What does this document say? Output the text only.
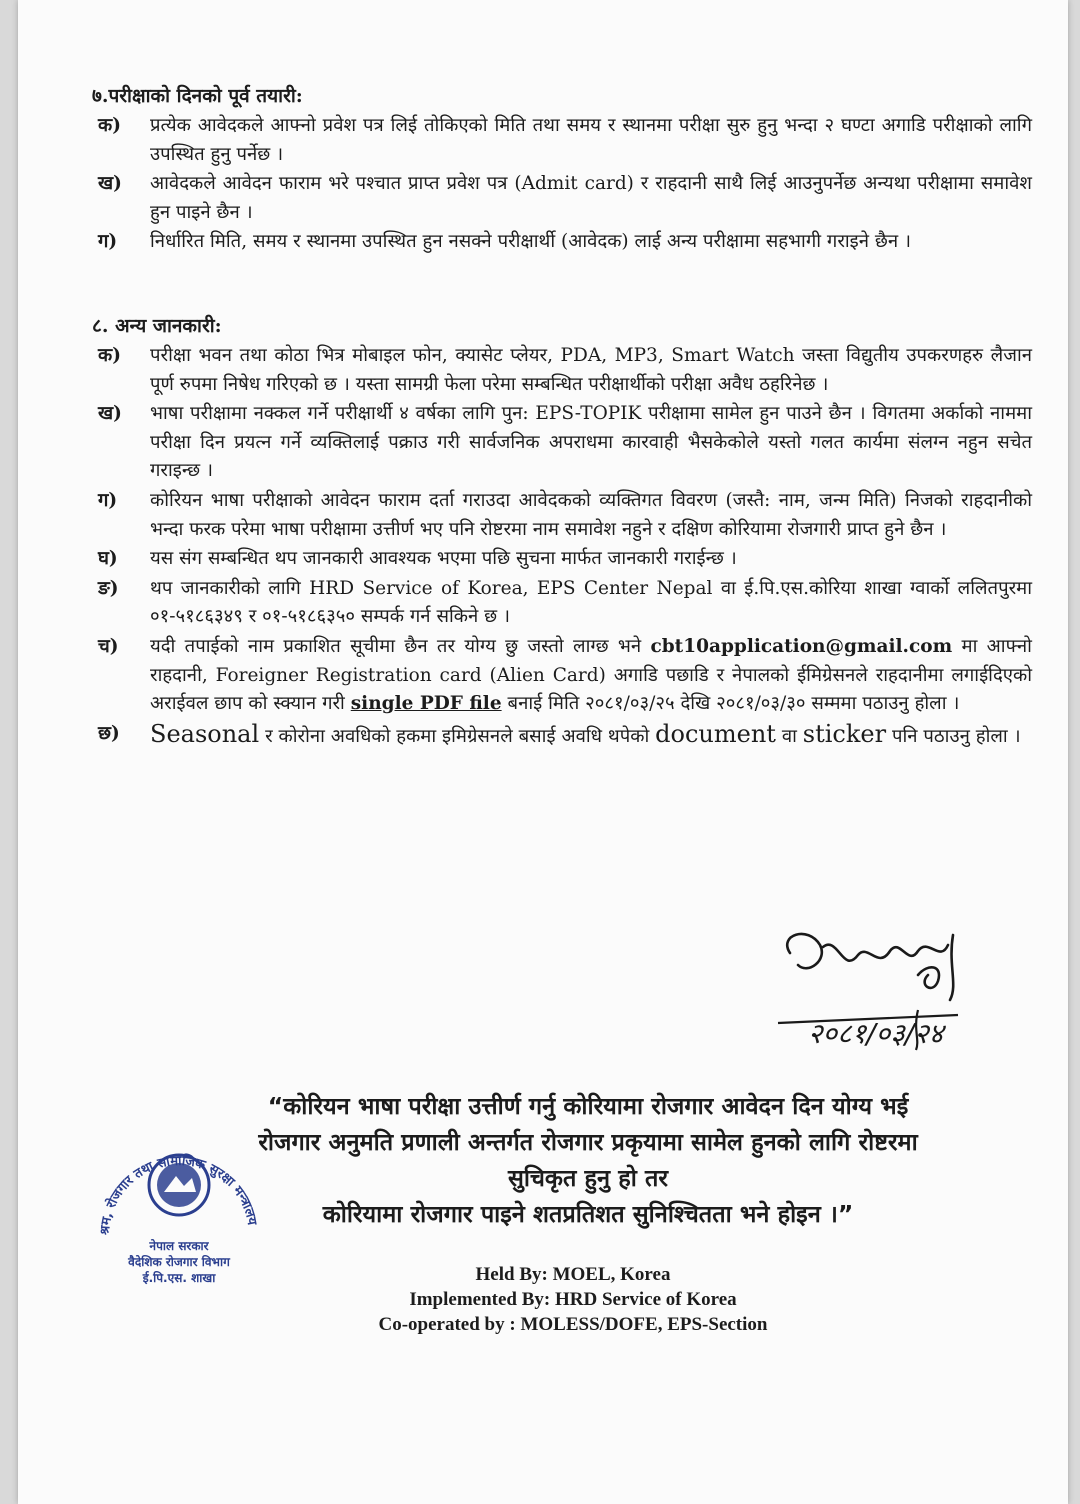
७.परीक्षाको दिनको पूर्व तयारी:
क)	प्रत्येक आवेदकले आफ्नो प्रवेश पत्र लिई तोकिएको मिति तथा समय र स्थानमा परीक्षा सुरु हुनु भन्दा २ घण्टा अगाडि परीक्षाको लागि उपस्थित हुनु पर्नेछ ।
ख)	आवेदकले आवेदन फाराम भरे पश्चात प्राप्त प्रवेश पत्र (Admit card) र राहदानी साथै लिई आउनुपर्नेछ अन्यथा परीक्षामा समावेश हुन पाइने छैन ।
ग)	निर्धारित मिति, समय र स्थानमा उपस्थित हुन नसक्ने परीक्षार्थी (आवेदक) लाई अन्य परीक्षामा सहभागी गराइने छैन ।
८. अन्य जानकारी:
क)	परीक्षा भवन तथा कोठा भित्र मोबाइल फोन, क्यासेट प्लेयर, PDA, MP3, Smart Watch जस्ता विद्युतीय उपकरणहरु लैजान पूर्ण रुपमा निषेध गरिएको छ । यस्ता सामग्री फेला परेमा सम्बन्धित परीक्षार्थीको परीक्षा अवैध ठहरिनेछ ।
ख)	भाषा परीक्षामा नक्कल गर्ने परीक्षार्थी ४ वर्षका लागि पुन: EPS-TOPIK परीक्षामा सामेल हुन पाउने छैन । विगतमा अर्काको नाममा परीक्षा दिन प्रयत्न गर्ने व्यक्तिलाई पक्राउ गरी सार्वजनिक अपराधमा कारवाही भैसकेकोले यस्तो गलत कार्यमा संलग्न नहुन सचेत गराइन्छ ।
ग)	कोरियन भाषा परीक्षाको आवेदन फाराम दर्ता गराउदा आवेदकको व्यक्तिगत विवरण (जस्तै: नाम, जन्म मिति) निजको राहदानीको भन्दा फरक परेमा भाषा परीक्षामा उत्तीर्ण भए पनि रोष्टरमा नाम समावेश नहुने र दक्षिण कोरियामा रोजगारी प्राप्त हुने छैन ।
घ)	यस संग सम्बन्धित थप जानकारी आवश्यक भएमा पछि सुचना मार्फत जानकारी गराईन्छ ।
ङ)	थप जानकारीको लागि HRD Service of Korea, EPS Center Nepal वा ई.पि.एस.कोरिया शाखा ग्वार्को ललितपुरमा ०१-५१८६३४९ र ०१-५१८६३५० सम्पर्क गर्न सकिने छ ।
च)	यदी तपाईको नाम प्रकाशित सूचीमा छैन तर योग्य छु जस्तो लाग्छ भने cbt10application@gmail.com मा आफ्नो राहदानी, Foreigner Registration card (Alien Card) अगाडि पछाडि र नेपालको ईमिग्रेसनले राहदानीमा लगाईदिएको अराईवल छाप को स्क्यान गरी single PDF file बनाई मिति २०८१/०३/२५ देखि २०८१/०३/३० सम्ममा पठाउनु होला ।
छ)	Seasonal र कोरोना अवधिको हकमा इमिग्रेसनले बसाई अवधि थपेको document वा sticker पनि पठाउनु होला ।
२०८१/०३/२४
“कोरियन भाषा परीक्षा उत्तीर्ण गर्नु कोरियामा रोजगार आवेदन दिन योग्य भई
रोजगार अनुमति प्रणाली अन्तर्गत रोजगार प्रकृयामा सामेल हुनको लागि रोष्टरमा
सुचिकृत हुनु हो तर
कोरियामा रोजगार पाइने शतप्रतिशत सुनिश्चितता भने होइन ।”
श्रम, रोजगार तथा सामाजिक सुरक्षा मन्त्रालय
नेपाल सरकार
वैदेशिक रोजगार विभाग
ई.पि.एस. शाखा	Held By: MOEL, Korea
Implemented By: HRD Service of Korea
Co-operated by : MOLESS/DOFE, EPS-Section
